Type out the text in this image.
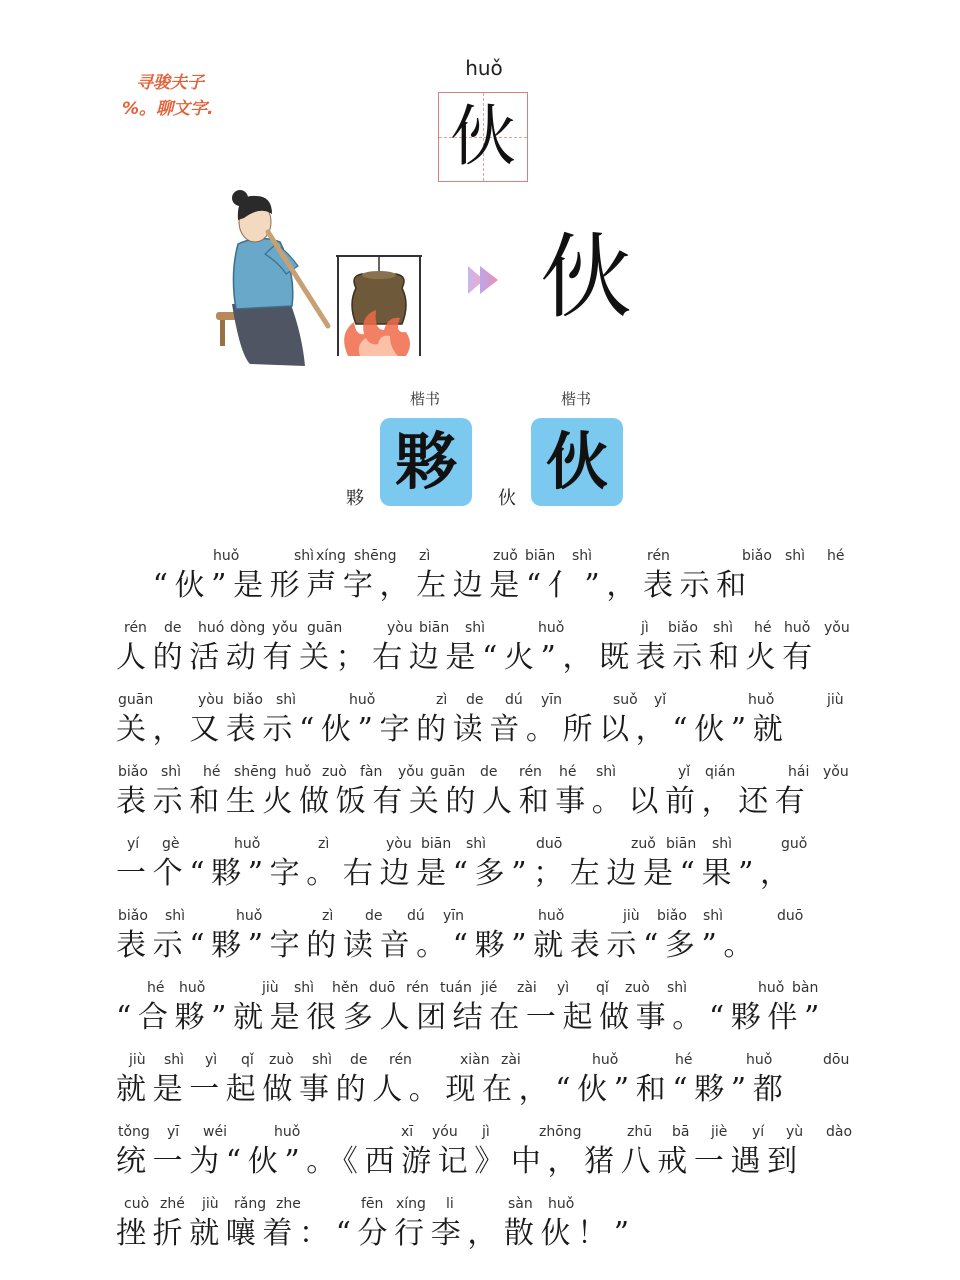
寻骏夫子
%。聊文字.
huǒ
伙
伙
楷书	楷书
夥
夥
伙
伙
huǒ	shì xíng shēng zì	zuǒ biān shì	rén	biǎo shì hé
　“伙”是形声字，左边是“亻”，表示和
rén de huó dòng yǒu guān	yòu biān shì	huǒ	jì biǎo shì hé huǒ yǒu
人的活动有关；右边是“火”，既表示和火有
guān	yòu biǎo shì	huǒ	zì de dú yīn	suǒ yǐ	huǒ	jiù
关，又表示“伙”字的读音。所以，“伙”就
biǎo shì hé shēng huǒ zuò fàn yǒu guān de rén hé shì	yǐ qián	hái yǒu
表示和生火做饭有关的人和事。以前，还有
yí gè	huǒ	zì	yòu biān shì	duō	zuǒ biān shì	guǒ
一个“夥”字。右边是“多”；左边是“果”，
biǎo shì	huǒ	zì de dú yīn	huǒ	jiù biǎo shì	duō
表示“夥”字的读音。“夥”就表示“多”。
hé huǒ	jiù shì hěn duō rén tuán jié zài yì qǐ zuò shì	huǒ bàn
“合夥”就是很多人团结在一起做事。“夥伴”
jiù shì yì qǐ zuò shì de rén	xiàn zài	huǒ	hé	huǒ	dōu
就是一起做事的人。现在，“伙”和“夥”都
tǒng yī wéi	huǒ	xī yóu jì	zhōng	zhū bā jiè yí yù dào
统一为“伙”。《西游记》中，猪八戒一遇到
cuò zhé jiù rǎng zhe	fēn xíng li	sàn huǒ
挫折就嚷着：“分行李，散伙！”
